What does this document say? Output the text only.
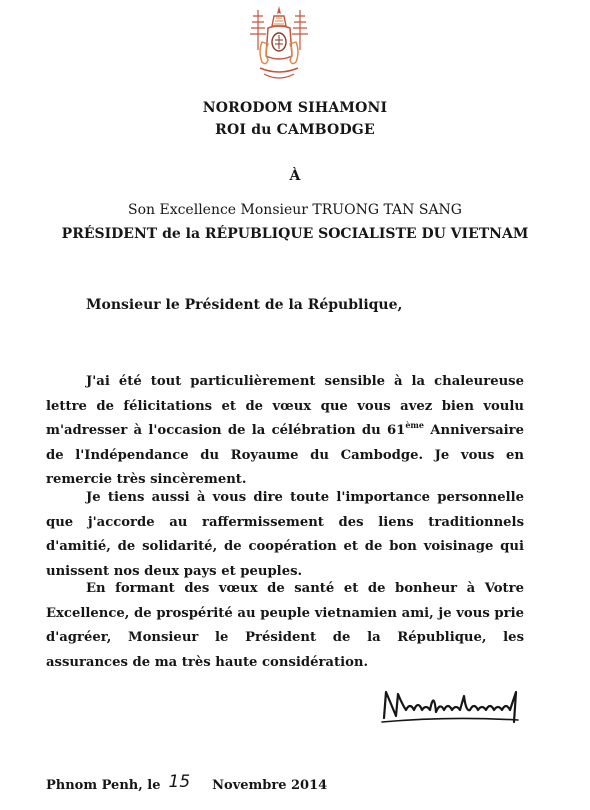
NORODOM SIHAMONI
ROI du CAMBODGE
À
Son Excellence Monsieur TRUONG TAN SANG
PRÉSIDENT de la RÉPUBLIQUE SOCIALISTE DU VIETNAM
Monsieur le Président de la République,

J'ai été tout particulièrement sensible à la chaleureuse lettre de félicitations et de vœux que vous avez bien voulu m'adresser à l'occasion de la célébration du 61ème Anniversaire de l'Indépendance du Royaume du Cambodge. Je vous en remercie très sincèrement.

Je tiens aussi à vous dire toute l'importance personnelle que j'accorde au raffermissement des liens traditionnels d'amitié, de solidarité, de coopération et de bon voisinage qui unissent nos deux pays et peuples.

En formant des vœux de santé et de bonheur à Votre Excellence, de prospérité au peuple vietnamien ami, je vous prie d'agréer, Monsieur le Président de la République, les assurances de ma très haute considération.

Phnom Penh, le 15 Novembre 2014
